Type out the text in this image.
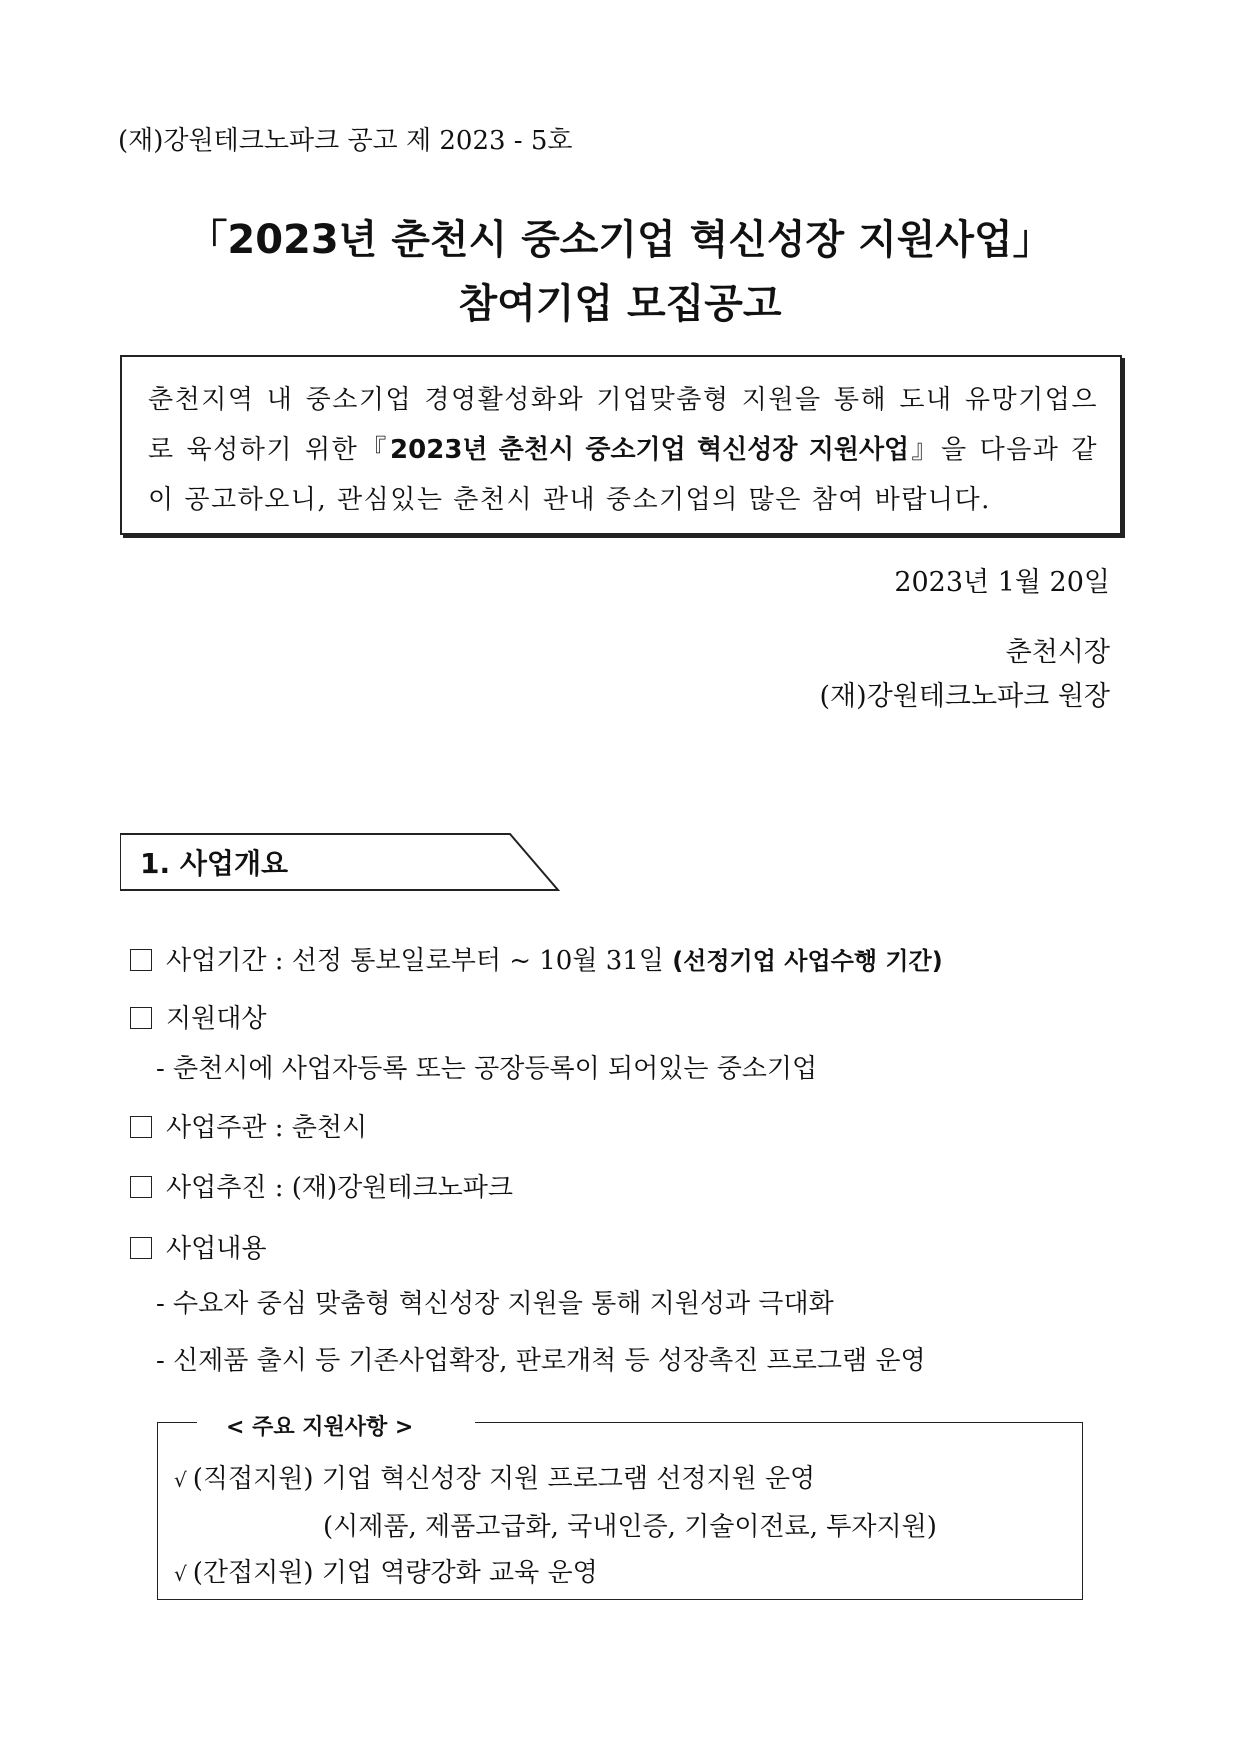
(재)강원테크노파크 공고 제 2023 - 5호
「2023년 춘천시 중소기업 혁신성장 지원사업」
참여기업 모집공고
춘천지역 내 중소기업 경영활성화와 기업맞춤형 지원을 통해 도내 유망기업으로 육성하기 위한『2023년 춘천시 중소기업 혁신성장 지원사업』을 다음과 같이 공고하오니, 관심있는 춘천시 관내 중소기업의 많은 참여 바랍니다.
2023년 1월 20일
춘천시장
(재)강원테크노파크 원장
1. 사업개요
사업기간 : 선정 통보일로부터 ~ 10월 31일 (선정기업 사업수행 기간)
지원대상
- 춘천시에 사업자등록 또는 공장등록이 되어있는 중소기업
사업주관 : 춘천시
사업추진 : (재)강원테크노파크
사업내용
- 수요자 중심 맞춤형 혁신성장 지원을 통해 지원성과 극대화
- 신제품 출시 등 기존사업확장, 판로개척 등 성장촉진 프로그램 운영
< 주요 지원사항 >
√ (직접지원) 기업 혁신성장 지원 프로그램 선정지원 운영
(시제품, 제품고급화, 국내인증, 기술이전료, 투자지원)
√ (간접지원) 기업 역량강화 교육 운영
